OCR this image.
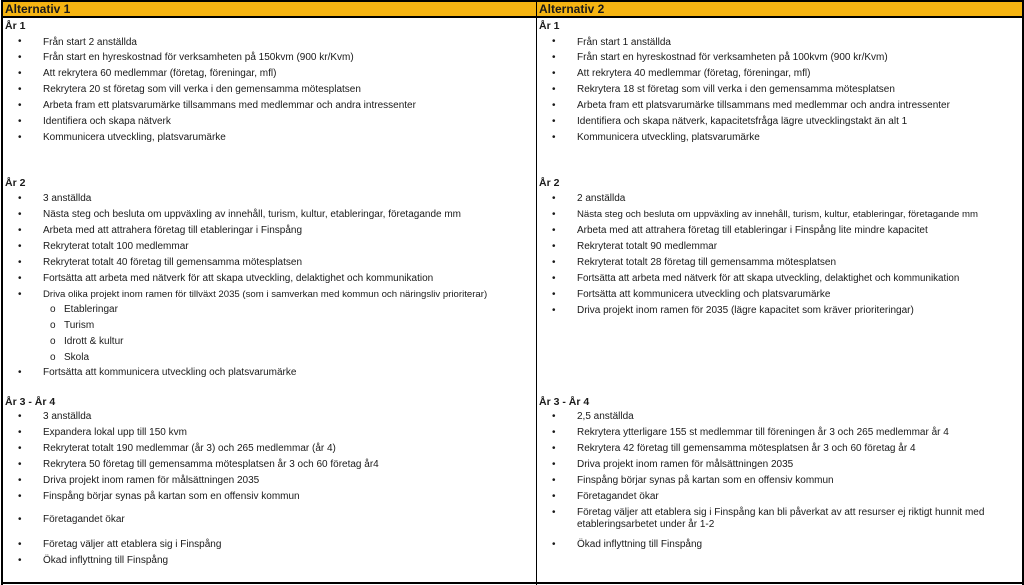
Alternativ 1
År 1
• Från start 2 anställda
• Från start en hyreskostnad för verksamheten på 150kvm (900 kr/Kvm)
• Att rekrytera 60 medlemmar (företag, föreningar, mfl)
• Rekrytera 20 st företag som vill verka i den gemensamma mötesplatsen
• Arbeta fram ett platsvarumärke tillsammans med medlemmar och andra intressenter
• Identifiera och skapa nätverk
• Kommunicera utveckling, platsvarumärke
År 2
• 3 anställda
• Nästa steg och besluta om uppväxling av innehåll, turism, kultur, etableringar, företagande mm
• Arbeta med att attrahera företag till etableringar i Finspång
• Rekryterat totalt 100 medlemmar
• Rekryterat totalt 40 företag till gemensamma mötesplatsen
• Fortsätta att arbeta med nätverk för att skapa utveckling, delaktighet och kommunikation
• Driva olika projekt inom ramen för tillväxt 2035 (som i samverkan med kommun och näringsliv prioriterar)
o Etableringar
o Turism
o Idrott & kultur
o Skola
• Fortsätta att kommunicera utveckling och platsvarumärke
År 3 - År 4
• 3 anställda
• Expandera lokal upp till 150 kvm
• Rekryterat totalt 190 medlemmar (år 3) och 265 medlemmar (år 4)
• Rekrytera 50 företag till gemensamma mötesplatsen år 3 och 60 företag år4
• Driva projekt inom ramen för målsättningen 2035
• Finspång börjar synas på kartan som en offensiv kommun
• Företagandet ökar
• Företag väljer att etablera sig i Finspång
• Ökad inflyttning till Finspång
Alternativ 2
År 1
• Från start 1 anställda
• Från start en hyreskostnad för verksamheten på 100kvm (900 kr/Kvm)
• Att rekrytera 40 medlemmar (företag, föreningar, mfl)
• Rekrytera 18 st företag som vill verka i den gemensamma mötesplatsen
• Arbeta fram ett platsvarumärke tillsammans med medlemmar och andra intressenter
• Identifiera och skapa nätverk, kapacitetsfråga lägre utvecklingstakt än alt 1
• Kommunicera utveckling, platsvarumärke
År 2
• 2 anställda
• Nästa steg och besluta om uppväxling av innehåll, turism, kultur, etableringar, företagande mm
• Arbeta med att attrahera företag till etableringar i Finspång lite mindre kapacitet
• Rekryterat totalt 90 medlemmar
• Rekryterat totalt 28 företag till gemensamma mötesplatsen
• Fortsätta att arbeta med nätverk för att skapa utveckling, delaktighet och kommunikation
• Fortsätta att kommunicera utveckling och platsvarumärke
• Driva projekt inom ramen för 2035 (lägre kapacitet som kräver prioriteringar)
År 3 - År 4
• 2,5 anställda
• Rekrytera ytterligare 155 st medlemmar till föreningen år 3 och 265 medlemmar år 4
• Rekrytera 42 företag till gemensamma mötesplatsen år 3 och 60 företag år 4
• Driva projekt inom ramen för målsättningen 2035
• Finspång börjar synas på kartan som en offensiv kommun
• Företagandet ökar
• Företag väljer att etablera sig i Finspång kan bli påverkat av att resurser ej riktigt hunnit med etableringsarbetet under år 1-2
• Ökad inflyttning till Finspång
